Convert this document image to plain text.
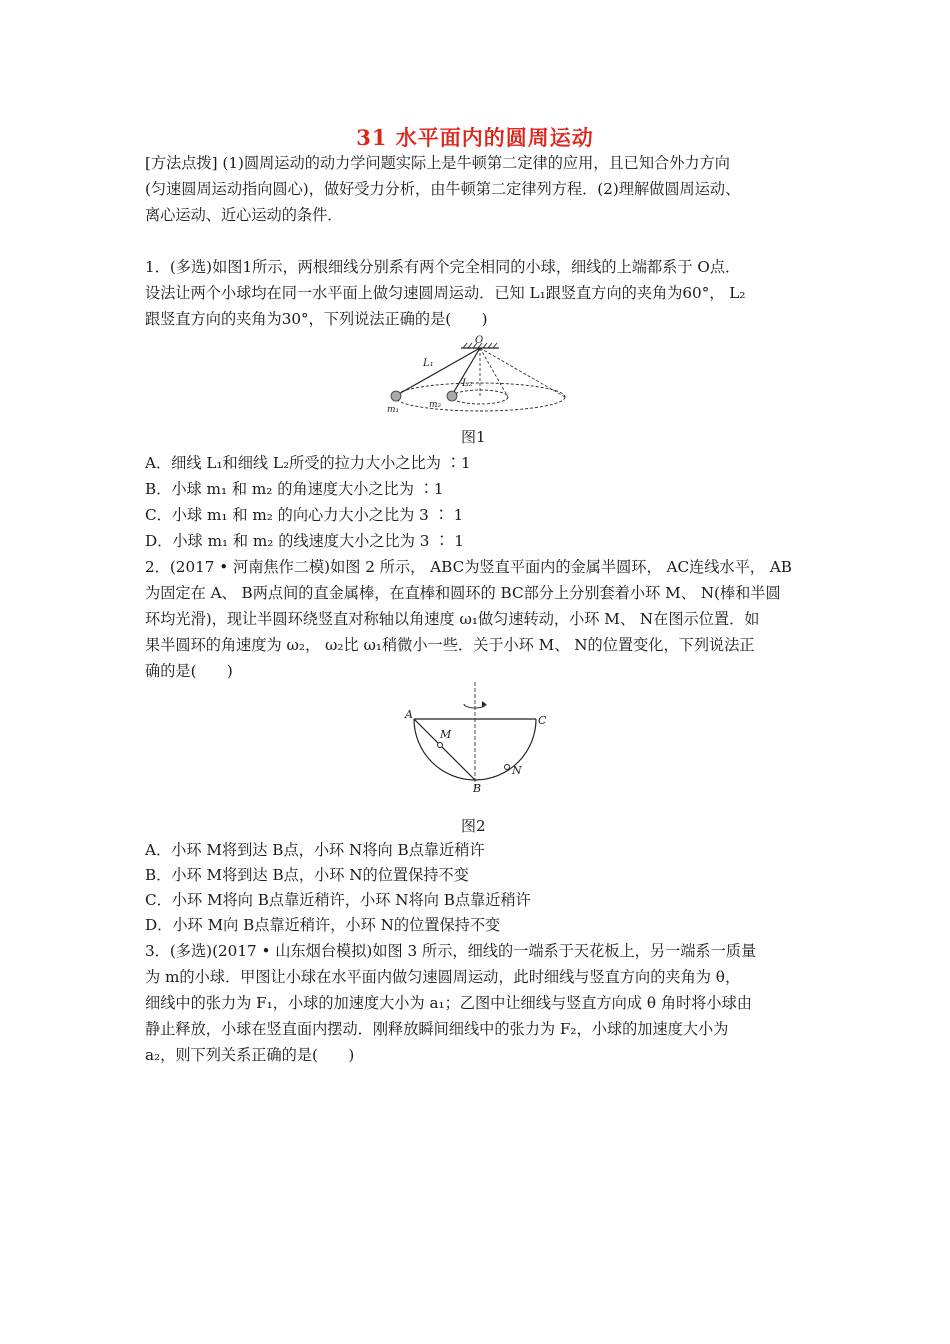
31 水平面内的圆周运动
[方法点拨] (1)圆周运动的动力学问题实际上是牛顿第二定律的应用，且已知合外力方向
(匀速圆周运动指向圆心)，做好受力分析，由牛顿第二定律列方程．(2)理解做圆周运动、
离心运动、近心运动的条件．
1．(多选)如图1所示，两根细线分别系有两个完全相同的小球，细线的上端都系于 O点．
设法让两个小球均在同一水平面上做匀速圆周运动．已知 L₁跟竖直方向的夹角为60°， L₂
跟竖直方向的夹角为30°，下列说法正确的是(　　)
O
L₁
L₂
m₁	m₂
图1
A．细线 L₁和细线 L₂所受的拉力大小之比为 ∶1
B．小球 m₁ 和 m₂ 的角速度大小之比为 ∶1
C．小球 m₁ 和 m₂ 的向心力大小之比为 3 ∶ 1
D．小球 m₁ 和 m₂ 的线速度大小之比为 3 ∶ 1
2．(2017 • 河南焦作二模)如图 2 所示， ABC为竖直平面内的金属半圆环， AC连线水平， AB
为固定在 A、 B两点间的直金属棒，在直棒和圆环的 BC部分上分别套着小环 M、 N(棒和半圆
环均光滑)，现让半圆环绕竖直对称轴以角速度 ω₁做匀速转动，小环 M、 N在图示位置．如
果半圆环的角速度为 ω₂， ω₂比 ω₁稍微小一些．关于小环 M、 N的位置变化，下列说法正
确的是(　　)
A	C
B
M
N
图2
A．小环 M将到达 B点，小环 N将向 B点靠近稍许
B．小环 M将到达 B点，小环 N的位置保持不变
C．小环 M将向 B点靠近稍许，小环 N将向 B点靠近稍许
D．小环 M向 B点靠近稍许，小环 N的位置保持不变
3．(多选)(2017 • 山东烟台模拟)如图 3 所示，细线的一端系于天花板上，另一端系一质量
为 m的小球．甲图让小球在水平面内做匀速圆周运动，此时细线与竖直方向的夹角为 θ，
细线中的张力为 F₁，小球的加速度大小为 a₁；乙图中让细线与竖直方向成 θ 角时将小球由
静止释放，小球在竖直面内摆动．刚释放瞬间细线中的张力为 F₂，小球的加速度大小为
a₂，则下列关系正确的是(　　)
